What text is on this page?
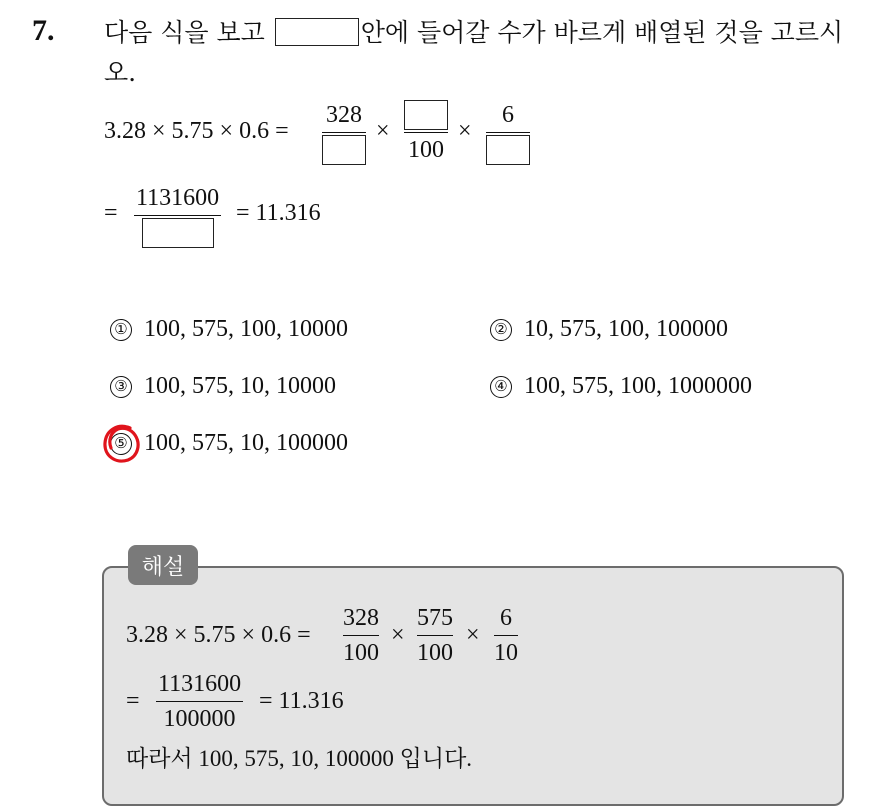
7. 다음 식을 보고	안에 들어갈 수가 바르게 배열된 것을 고르시
오.
3.28 × 5.75 × 0.6 =
328
×
100
×
6
=
1131600
= 11.316
① 100, 575, 100, 10000	② 10, 575, 100, 100000
③ 100, 575, 10, 10000	④ 100, 575, 100, 1000000
⑤ 100, 575, 10, 100000
해설
3.28 × 5.75 × 0.6 =
328
100
×
575
100
×
6
10
=
1131600
100000
= 11.316
따라서 100, 575, 10, 100000 입니다.
